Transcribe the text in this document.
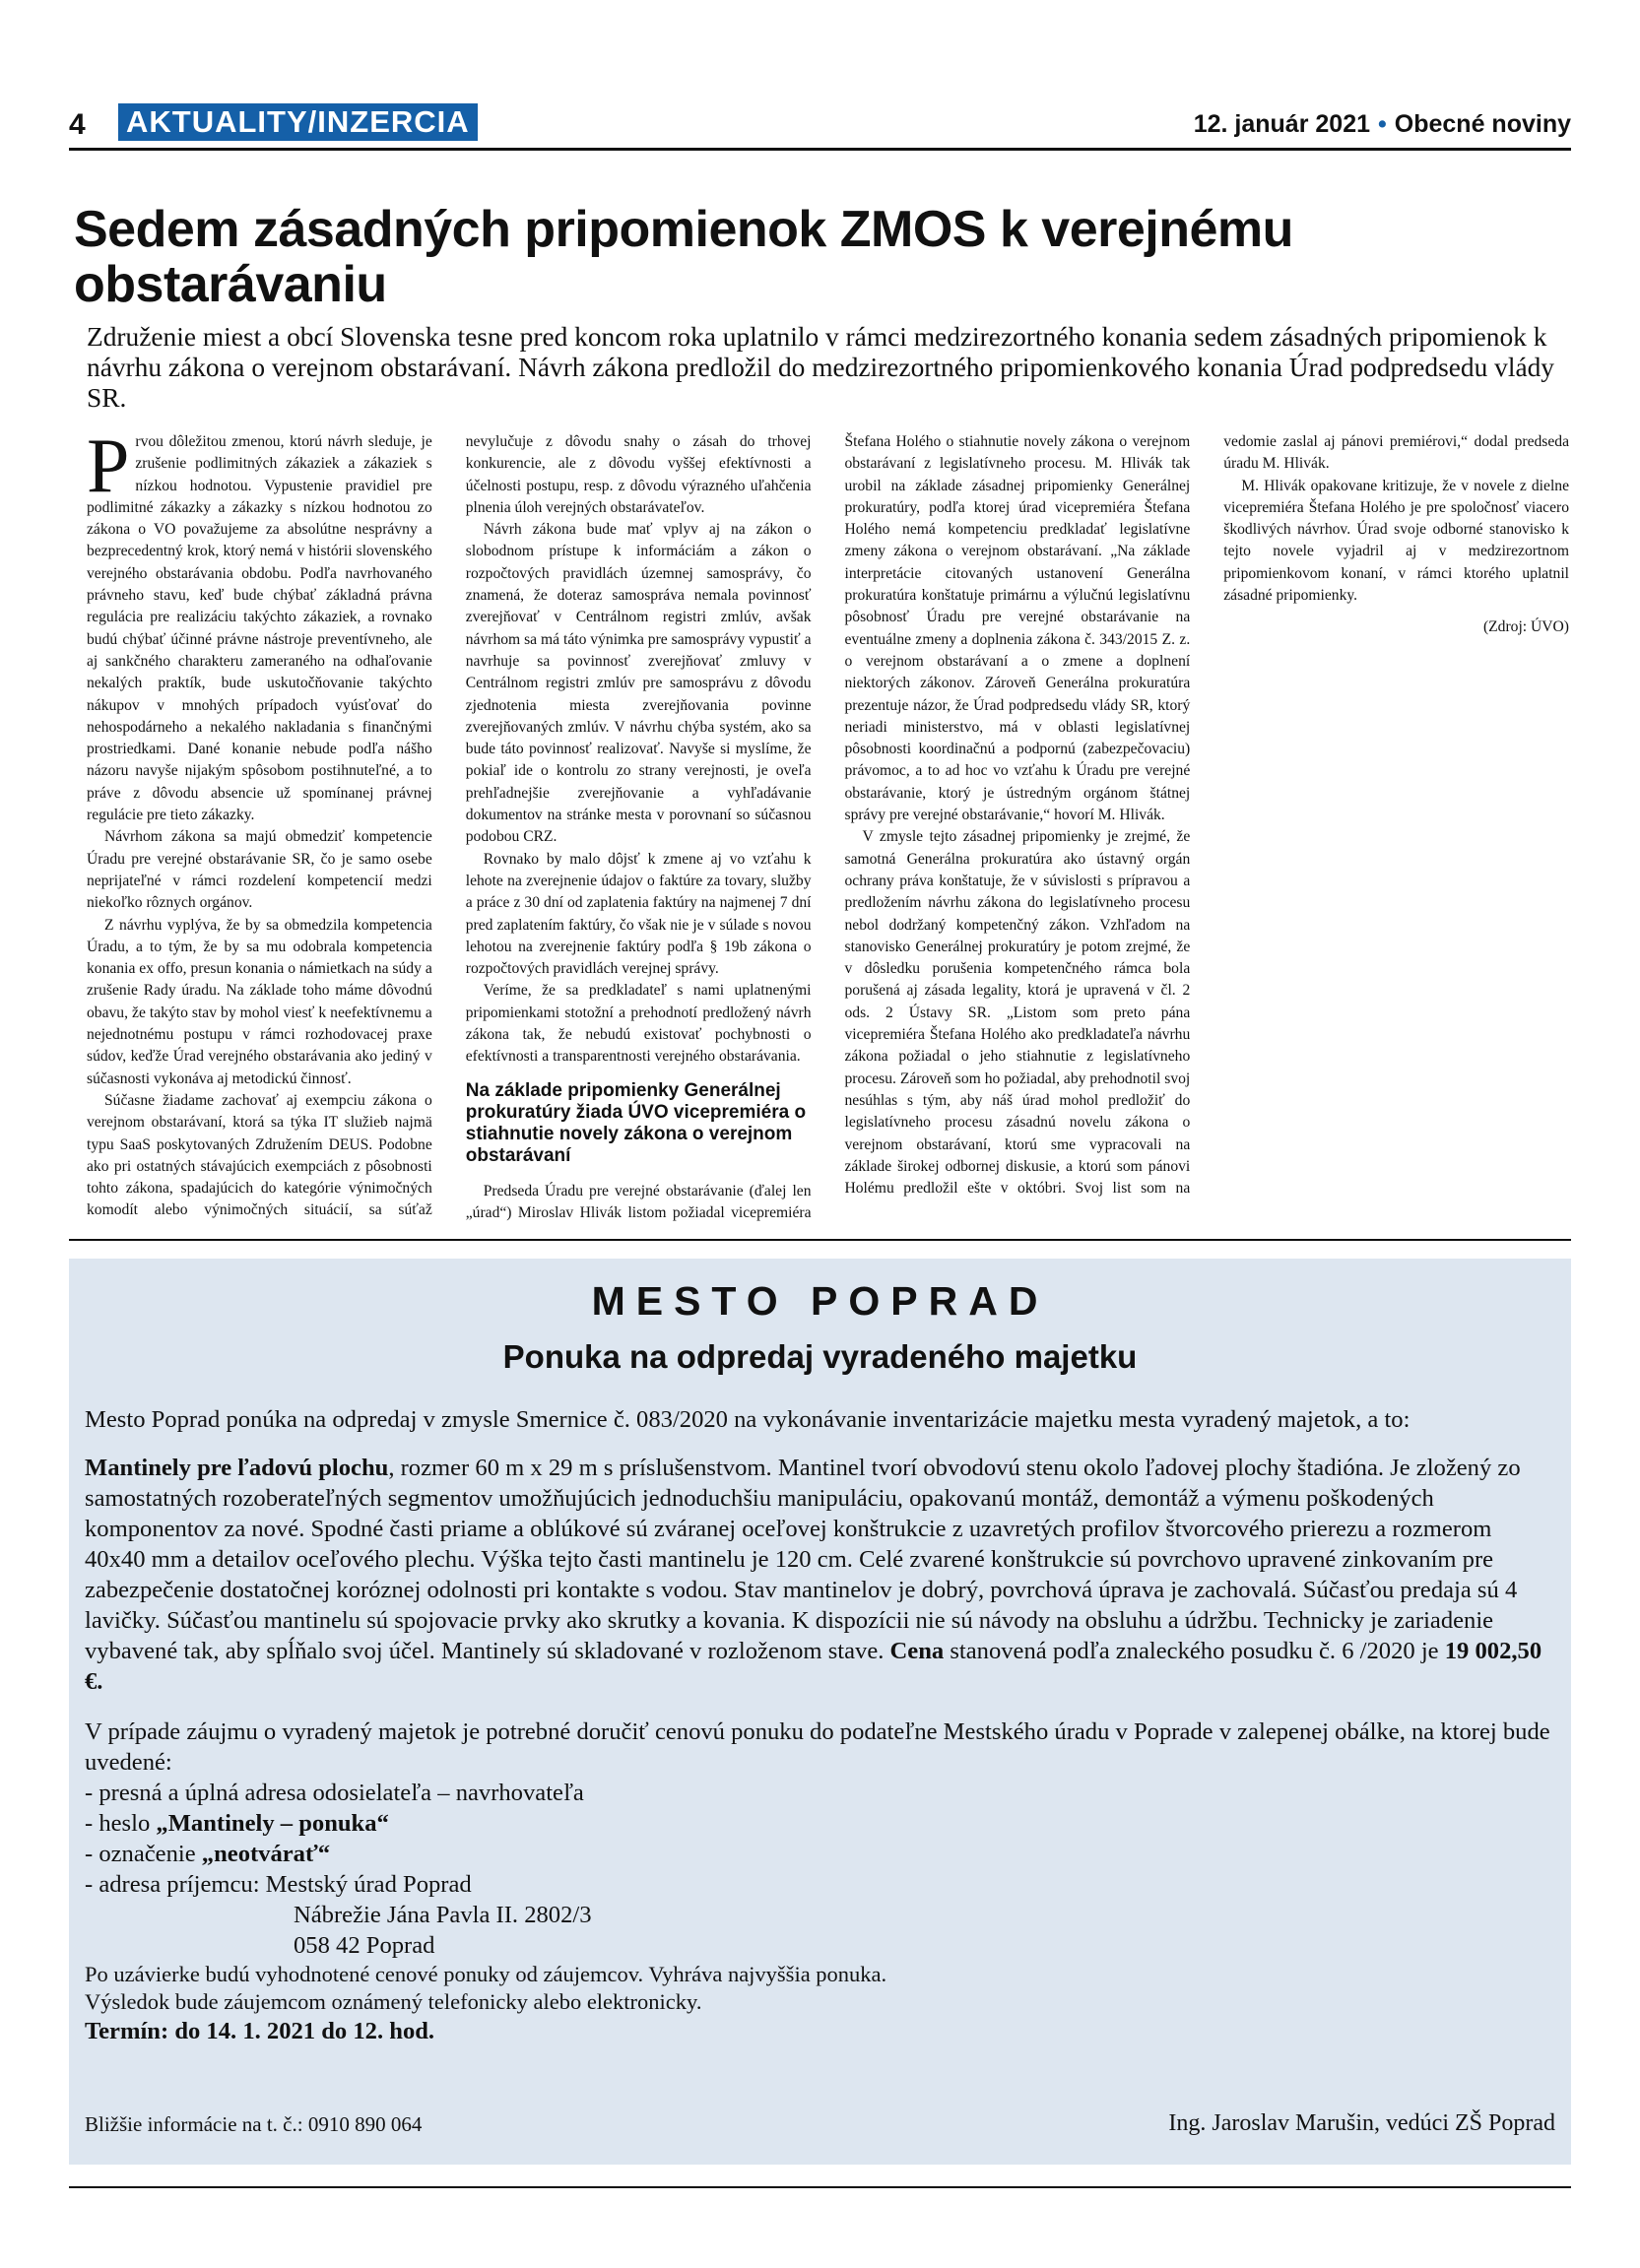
4 AKTUALITY/INZERCIA	12. január 2021 • Obecné noviny
Sedem zásadných pripomienok ZMOS k verejnému obstarávaniu

Združenie miest a obcí Slovenska tesne pred koncom roka uplatnilo v rámci medzirezortného konania sedem zásadných pripomienok k návrhu zákona o verejnom obstarávaní. Návrh zákona predložil do medzirezortného pripomienkového konania Úrad podpredsedu vlády SR.

Prvou dôležitou zmenou, ktorú návrh sleduje, je zrušenie podlimitných zákaziek a zákaziek s nízkou hodnotou. Vypustenie pravidiel pre podlimitné zákazky a zákazky s nízkou hodnotou zo zákona o VO považujeme za absolútne nesprávny a bezprecedentný krok, ktorý nemá v histórii slovenského verejného obstarávania obdobu. Podľa navrhovaného právneho stavu, keď bude chýbať základná právna regulácia pre realizáciu takýchto zákaziek, a rovnako budú chýbať účinné právne nástroje preventívneho, ale aj sankčného charakteru zameraného na odhaľovanie nekalých praktík, bude uskutočňovanie takýchto nákupov v mnohých prípadoch vyúsťovať do nehospodárneho a nekalého nakladania s finančnými prostriedkami. Dané konanie nebude podľa nášho názoru navyše nijakým spôsobom postihnuteľné, a to práve z dôvodu absencie už spomínanej právnej regulácie pre tieto zákazky.

Návrhom zákona sa majú obmedziť kompetencie Úradu pre verejné obstarávanie SR, čo je samo osebe neprijateľné v rámci rozdelení kompetencií medzi niekoľko rôznych orgánov.

Z návrhu vyplýva, že by sa obmedzila kompetencia Úradu, a to tým, že by sa mu odobrala kompetencia konania ex offo, presun konania o námietkach na súdy a zrušenie Rady úradu. Na základe toho máme dôvodnú obavu, že takýto stav by mohol viesť k neefektívnemu a nejednotnému postupu v rámci rozhodovacej praxe súdov, keďže Úrad verejného obstarávania ako jediný v súčasnosti vykonáva aj metodickú činnosť.

Súčasne žiadame zachovať aj exempciu zákona o verejnom obstarávaní, ktorá sa týka IT služieb najmä typu SaaS poskytovaných Združením DEUS. Podobne ako pri ostatných stávajúcich exempciách z pôsobnosti tohto zákona, spadajúcich do kategórie výnimočných komodít alebo výnimočných situácií, sa súťaž nevylučuje z dôvodu snahy o zásah do trhovej konkurencie, ale z dôvodu vyššej efektívnosti a účelnosti postupu, resp. z dôvodu výrazného uľahčenia plnenia úloh verejných obstarávateľov.

Návrh zákona bude mať vplyv aj na zákon o slobodnom prístupe k informáciám a zákon o rozpočtových pravidlách územnej samosprávy, čo znamená, že doteraz samospráva nemala povinnosť zverejňovať v Centrálnom registri zmlúv, avšak návrhom sa má táto výnimka pre samosprávy vypustiť a navrhuje sa povinnosť zverejňovať zmluvy v Centrálnom registri zmlúv pre samosprávu z dôvodu zjednotenia miesta zverejňovania povinne zverejňovaných zmlúv. V návrhu chýba systém, ako sa bude táto povinnosť realizovať. Navyše si myslíme, že pokiaľ ide o kontrolu zo strany verejnosti, je oveľa prehľadnejšie zverejňovanie a vyhľadávanie dokumentov na stránke mesta v porovnaní so súčasnou podobou CRZ.

Rovnako by malo dôjsť k zmene aj vo vzťahu k lehote na zverejnenie údajov o faktúre za tovary, služby a práce z 30 dní od zaplatenia faktúry na najmenej 7 dní pred zaplatením faktúry, čo však nie je v súlade s novou lehotou na zverejnenie faktúry podľa § 19b zákona o rozpočtových pravidlách verejnej správy.

Veríme, že sa predkladateľ s nami uplatnenými pripomienkami stotožní a prehodnotí predložený návrh zákona tak, že nebudú existovať pochybnosti o efektívnosti a transparentnosti verejného obstarávania.

Na základe pripomienky Generálnej prokuratúry žiada ÚVO vicepremiéra o stiahnutie novely zákona o verejnom obstarávaní

Predseda Úradu pre verejné obstarávanie (ďalej len „úrad“) Miroslav Hlivák listom požiadal vicepremiéra Štefana Holého o stiahnutie novely zákona o verejnom obstarávaní z legislatívneho procesu. M. Hlivák tak urobil na základe zásadnej pripomienky Generálnej prokuratúry, podľa ktorej úrad vicepremiéra Štefana Holého nemá kompetenciu predkladať legislatívne zmeny zákona o verejnom obstarávaní. „Na základe interpretácie citovaných ustanovení Generálna prokuratúra konštatuje primárnu a výlučnú legislatívnu pôsobnosť Úradu pre verejné obstarávanie na eventuálne zmeny a doplnenia zákona č. 343/2015 Z. z. o verejnom obstarávaní a o zmene a doplnení niektorých zákonov. Zároveň Generálna prokuratúra prezentuje názor, že Úrad podpredsedu vlády SR, ktorý neriadi ministerstvo, má v oblasti legislatívnej pôsobnosti koordinačnú a podpornú (zabezpečovaciu) právomoc, a to ad hoc vo vzťahu k Úradu pre verejné obstarávanie, ktorý je ústredným orgánom štátnej správy pre verejné obstarávanie,“ hovorí M. Hlivák.

V zmysle tejto zásadnej pripomienky je zrejmé, že samotná Generálna prokuratúra ako ústavný orgán ochrany práva konštatuje, že v súvislosti s prípravou a predložením návrhu zákona do legislatívneho procesu nebol dodržaný kompetenčný zákon. Vzhľadom na stanovisko Generálnej prokuratúry je potom zrejmé, že v dôsledku porušenia kompetenčného rámca bola porušená aj zásada legality, ktorá je upravená v čl. 2 ods. 2 Ústavy SR. „Listom som preto pána vicepremiéra Štefana Holého ako predkladateľa návrhu zákona požiadal o jeho stiahnutie z legislatívneho procesu. Zároveň som ho požiadal, aby prehodnotil svoj nesúhlas s tým, aby náš úrad mohol predložiť do legislatívneho procesu zásadnú novelu zákona o verejnom obstarávaní, ktorú sme vypracovali na základe širokej odbornej diskusie, a ktorú som pánovi Holému predložil ešte v októbri. Svoj list som na vedomie zaslal aj pánovi premiérovi,“ dodal predseda úradu M. Hlivák.

M. Hlivák opakovane kritizuje, že v novele z dielne vicepremiéra Štefana Holého je pre spoločnosť viacero škodlivých návrhov. Úrad svoje odborné stanovisko k tejto novele vyjadril aj v medzirezortnom pripomienkovom konaní, v rámci ktorého uplatnil zásadné pripomienky.

(Zdroj: ÚVO)
MESTO POPRAD
Ponuka na odpredaj vyradeného majetku

Mesto Poprad ponúka na odpredaj v zmysle Smernice č. 083/2020 na vykonávanie inventarizácie majetku mesta vyradený majetok, a to:

Mantinely pre ľadovú plochu, rozmer 60 m x 29 m s príslušenstvom. Mantinel tvorí obvodovú stenu okolo ľadovej plochy štadióna. Je zložený zo samostatných rozoberateľných segmentov umožňujúcich jednoduchšiu manipuláciu, opakovanú montáž, demontáž a výmenu poškodených komponentov za nové. Spodné časti priame a oblúkové sú zváranej oceľovej konštrukcie z uzavretých profilov štvorcového prierezu a rozmerom 40x40 mm a detailov oceľového plechu. Výška tejto časti mantinelu je 120 cm. Celé zvarené konštrukcie sú povrchovo upravené zinkovaním pre zabezpečenie dostatočnej koróznej odolnosti pri kontakte s vodou. Stav mantinelov je dobrý, povrchová úprava je zachovalá. Súčasťou predaja sú 4 lavičky. Súčasťou mantinelu sú spojovacie prvky ako skrutky a kovania. K dispozícii nie sú návody na obsluhu a údržbu. Technicky je zariadenie vybavené tak, aby spĺňalo svoj účel. Mantinely sú skladované v rozloženom stave. Cena stanovená podľa znaleckého posudku č. 6 /2020 je 19 002,50 €.

V prípade záujmu o vyradený majetok je potrebné doručiť cenovú ponuku do podateľne Mestského úradu v Poprade v zalepenej obálke, na ktorej bude uvedené:

- presná a úplná adresa odosielateľa – navrhovateľa
- heslo „Mantinely – ponuka“
- označenie „neotvárať“
- adresa príjemcu: Mestský úrad Poprad
Nábrežie Jána Pavla II. 2802/3
058 42 Poprad

Po uzávierke budú vyhodnotené cenové ponuky od záujemcov. Vyhráva najvyššia ponuka.

Výsledok bude záujemcom oznámený telefonicky alebo elektronicky.

Termín: do 14. 1. 2021 do 12. hod.

Bližšie informácie na t. č.: 0910 890 064	Ing. Jaroslav Marušin, vedúci ZŠ Poprad
